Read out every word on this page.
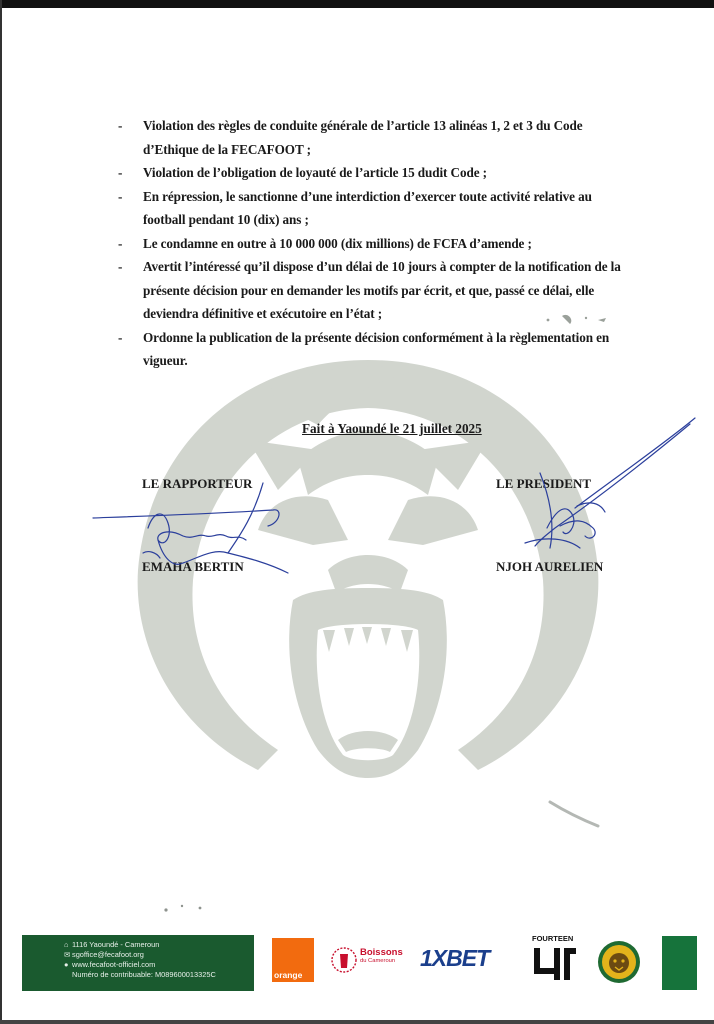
- Violation des règles de conduite générale de l’article 13 alinéas 1, 2 et 3 du Code d’Ethique de la FECAFOOT ;
- Violation de l’obligation de loyauté de l’article 15 dudit Code ;
- En répression, le sanctionne d’une interdiction d’exercer toute activité relative au football pendant 10 (dix) ans ;
- Le condamne en outre à 10 000 000 (dix millions) de FCFA d’amende ;
- Avertit l’intéressé qu’il dispose d’un délai de 10 jours à compter de la notification de la présente décision pour en demander les motifs par écrit, et que, passé ce délai, elle deviendra définitive et exécutoire en l’état ;
- Ordonne la publication de la présente décision conformément à la règlementation en vigueur.
Fait à Yaoundé le 21 juillet 2025
LE RAPPORTEUR
EMAHA BERTIN
LE PRESIDENT
NJOH AURELIEN
⌂ 1116 Yaoundé - Cameroun
✉ sgoffice@fecafoot.org
● www.fecafoot-officiel.com
Numéro de contribuable: M089600013325C	orange
Boissons
du Cameroun 1XBET
FOURTEEN
